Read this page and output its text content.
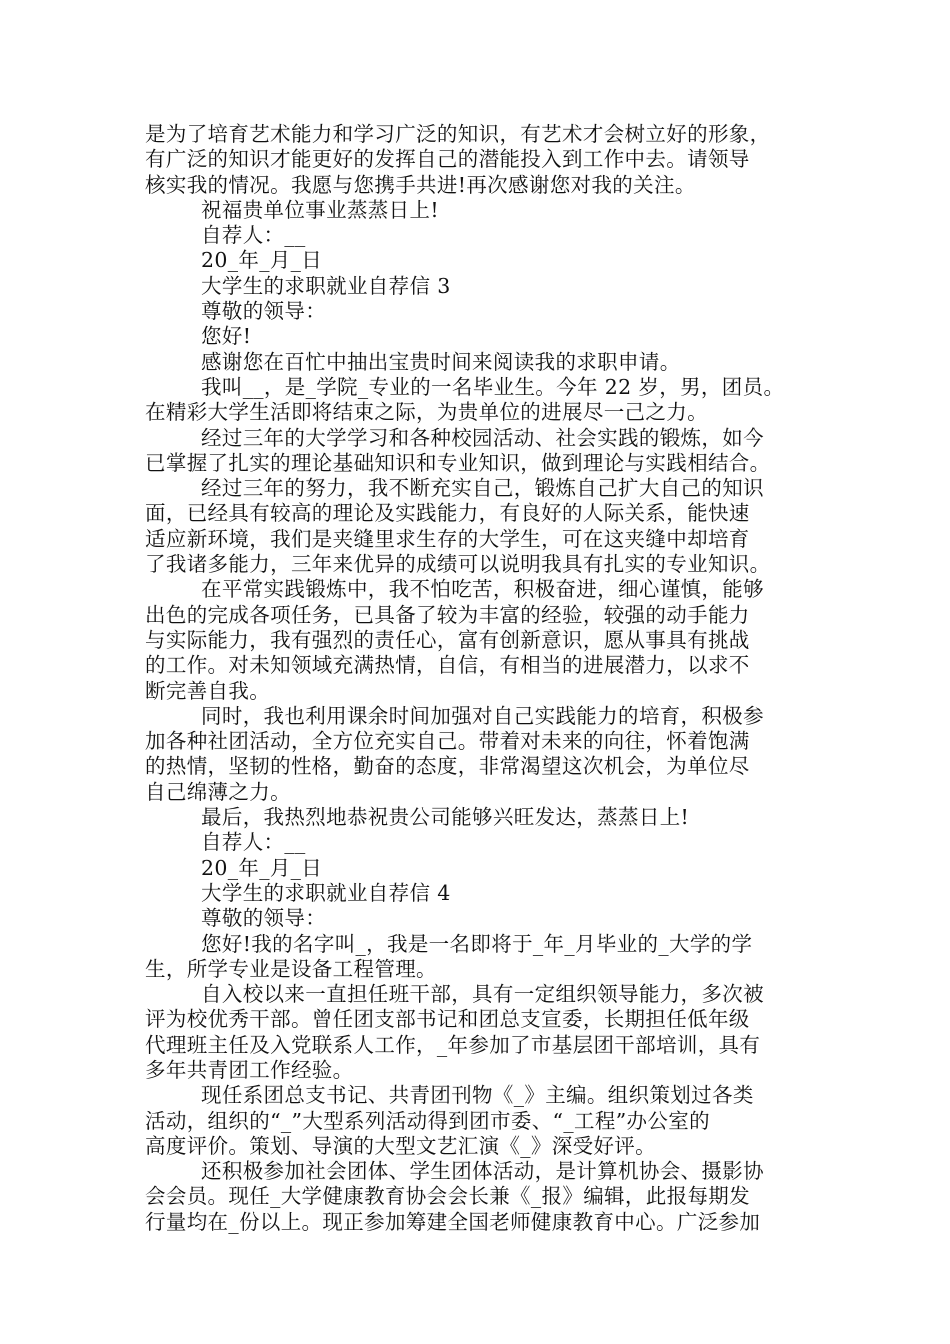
是为了培育艺术能力和学习广泛的知识，有艺术才会树立好的形象，
有广泛的知识才能更好的发挥自己的潜能投入到工作中去。请领导
核实我的情况。我愿与您携手共进!再次感谢您对我的关注。
祝福贵单位事业蒸蒸日上!
自荐人：__
20_年_月_日
大学生的求职就业自荐信 3
尊敬的领导：
您好!
感谢您在百忙中抽出宝贵时间来阅读我的求职申请。
我叫__，是_学院_专业的一名毕业生。今年 22 岁，男，团员。
在精彩大学生活即将结束之际，为贵单位的进展尽一己之力。
经过三年的大学学习和各种校园活动、社会实践的锻炼，如今
已掌握了扎实的理论基础知识和专业知识，做到理论与实践相结合。
经过三年的努力，我不断充实自己，锻炼自己扩大自己的知识
面，已经具有较高的理论及实践能力，有良好的人际关系，能快速
适应新环境，我们是夹缝里求生存的大学生，可在这夹缝中却培育
了我诸多能力，三年来优异的成绩可以说明我具有扎实的专业知识。
在平常实践锻炼中，我不怕吃苦，积极奋进，细心谨慎，能够
出色的完成各项任务，已具备了较为丰富的经验，较强的动手能力
与实际能力，我有强烈的责任心，富有创新意识，愿从事具有挑战
的工作。对未知领域充满热情，自信，有相当的进展潜力，以求不
断完善自我。
同时，我也利用课余时间加强对自己实践能力的培育，积极参
加各种社团活动，全方位充实自己。带着对未来的向往，怀着饱满
的热情，坚韧的性格，勤奋的态度，非常渴望这次机会，为单位尽
自己绵薄之力。
最后，我热烈地恭祝贵公司能够兴旺发达，蒸蒸日上!
自荐人：__
20_年_月_日
大学生的求职就业自荐信 4
尊敬的领导：
您好!我的名字叫_，我是一名即将于_年_月毕业的_大学的学
生，所学专业是设备工程管理。
自入校以来一直担任班干部，具有一定组织领导能力，多次被
评为校优秀干部。曾任团支部书记和团总支宣委，长期担任低年级
代理班主任及入党联系人工作，_年参加了市基层团干部培训，具有
多年共青团工作经验。
现任系团总支书记、共青团刊物《_》主编。组织策划过各类
活动，组织的“_”大型系列活动得到团市委、“_工程”办公室的
高度评价。策划、导演的大型文艺汇演《_》深受好评。
还积极参加社会团体、学生团体活动，是计算机协会、摄影协
会会员。现任_大学健康教育协会会长兼《_报》编辑，此报每期发
行量均在_份以上。现正参加筹建全国老师健康教育中心。广泛参加
